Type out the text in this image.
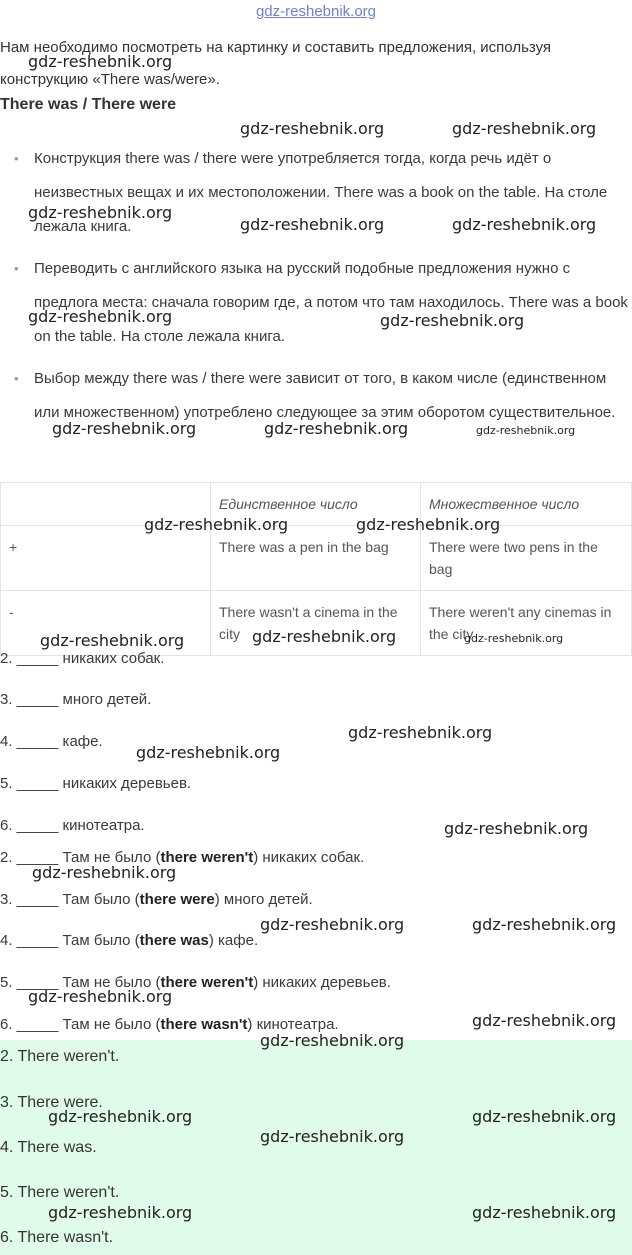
gdz-reshebnik.org
Нам необходимо посмотреть на картинку и составить предложения, используя конструкцию «There was/were».
There was / There were
• Конструкция there was / there were употребляется тогда, когда речь идёт о неизвестных вещах и их местоположении. There was a book on the table. На столе лежала книга.
• Переводить с английского языка на русский подобные предложения нужно с предлога места: сначала говорим где, а потом что там находилось. There was a book on the table. На столе лежала книга.
• Выбор между there was / there were зависит от того, в каком числе (единственном или множественном) употреблено следующее за этим оборотом существительное.
	Единственное число	Множественное число
+	There was a pen in the bag	There were two pens in the bag
-	There wasn't a cinema in the city	There weren't any cinemas in the city
2. _____ никаких собак.
3. _____ много детей.
4. _____ кафе.
5. _____ никаких деревьев.
6. _____ кинотеатра.
2. _____ Там не было (there weren't) никаких собак.
3. _____ Там было (there were) много детей.
4. _____ Там было (there was) кафе.
5. _____ Там не было (there weren't) никаких деревьев.
6. _____ Там не было (there wasn't) кинотеатра.
2. There weren't.
3. There were.
4. There was.
5. There weren't.
6. There wasn't.
gdz-reshebnik.org
gdz-reshebnik.org	gdz-reshebnik.org
gdz-reshebnik.org
gdz-reshebnik.org	gdz-reshebnik.org
gdz-reshebnik.org	gdz-reshebnik.org
gdz-reshebnik.org	gdz-reshebnik.org	gdz-reshebnik.org
gdz-reshebnik.org	gdz-reshebnik.org
gdz-reshebnik.org	gdz-reshebnik.org	gdz-reshebnik.org
gdz-reshebnik.org
gdz-reshebnik.org
gdz-reshebnik.org
gdz-reshebnik.org
gdz-reshebnik.org	gdz-reshebnik.org
gdz-reshebnik.org
gdz-reshebnik.org
gdz-reshebnik.org
gdz-reshebnik.org	gdz-reshebnik.org
gdz-reshebnik.org
gdz-reshebnik.org	gdz-reshebnik.org
